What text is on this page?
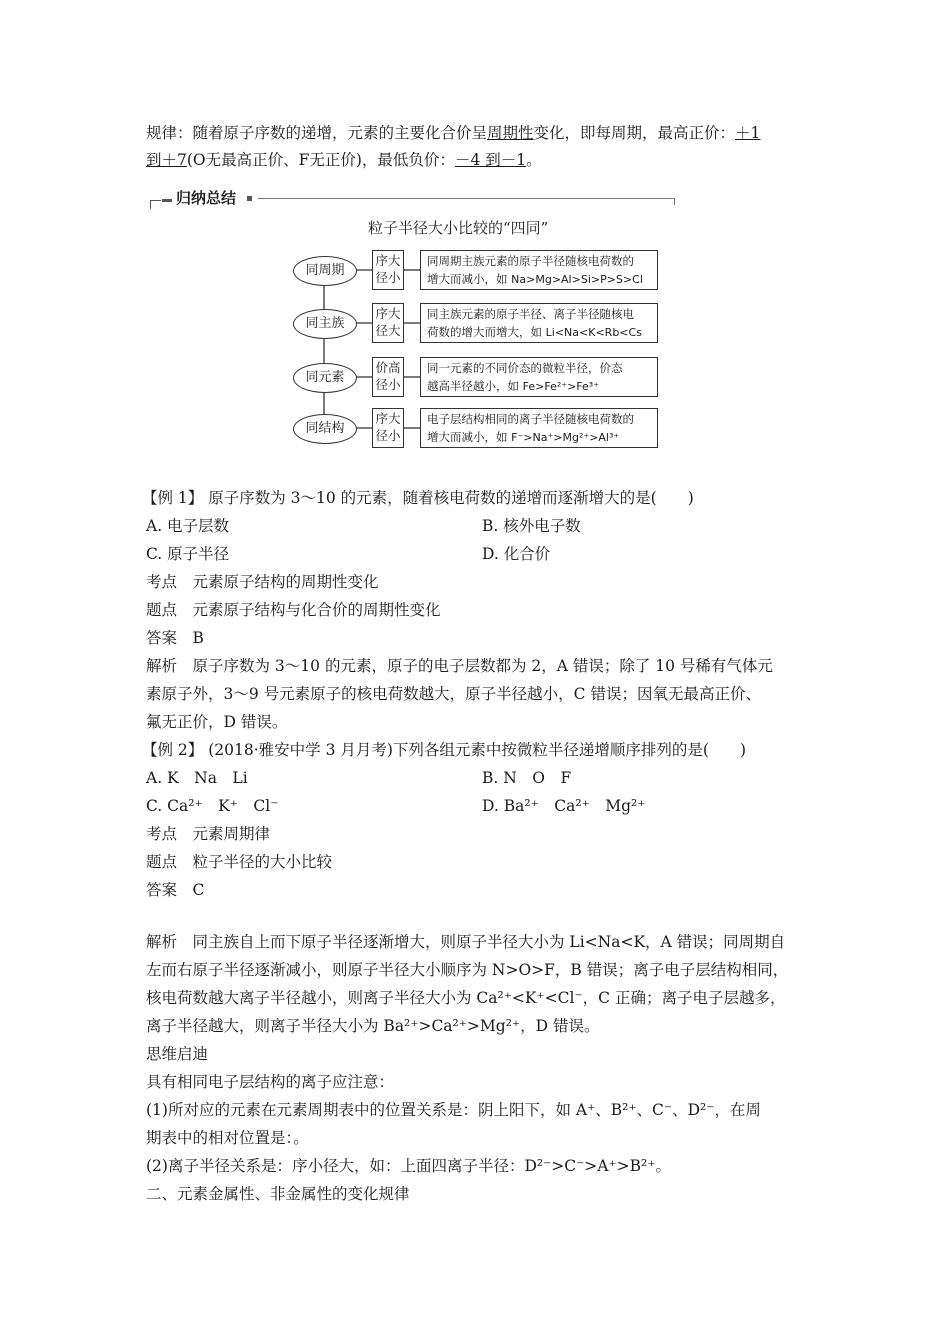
规律：随着原子序数的递增，元素的主要化合价呈周期性变化，即每周期，最高正价：＋1
到＋7(O无最高正价、F无正价)，最低负价：－4 到－1。
归纳总结
粒子半径大小比较的“四同”
同周期
序大
径小
同周期主族元素的原子半径随核电荷数的
增大而减小，如 Na>Mg>Al>Si>P>S>Cl
同主族
序大
径大
同主族元素的原子半径、离子半径随核电
荷数的增大而增大，如 Li<Na<K<Rb<Cs
同元素
价高
径小
同一元素的不同价态的微粒半径，价态
越高半径越小，如 Fe>Fe²⁺>Fe³⁺
同结构
序大
径小
电子层结构相同的离子半径随核电荷数的
增大而减小，如 F⁻>Na⁺>Mg²⁺>Al³⁺
【例 1】 原子序数为 3～10 的元素，随着核电荷数的递增而逐渐增大的是(　　)
A. 电子层数	B. 核外电子数
C. 原子半径	D. 化合价
考点　元素原子结构的周期性变化
题点　元素原子结构与化合价的周期性变化
答案　B
解析　原子序数为 3～10 的元素，原子的电子层数都为 2，A 错误；除了 10 号稀有气体元
素原子外，3～9 号元素原子的核电荷数越大，原子半径越小，C 错误；因氧无最高正价、
氟无正价，D 错误。
【例 2】 (2018·雅安中学 3 月月考)下列各组元素中按微粒半径递增顺序排列的是(　　)
A. K　Na　Li	B. N　O　F
C. Ca²⁺　K⁺　Cl⁻	D. Ba²⁺　Ca²⁺　Mg²⁺
考点　元素周期律
题点　粒子半径的大小比较
答案　C
解析　同主族自上而下原子半径逐渐增大，则原子半径大小为 Li<Na<K，A 错误；同周期自
左而右原子半径逐渐减小，则原子半径大小顺序为 N>O>F，B 错误；离子电子层结构相同，
核电荷数越大离子半径越小，则离子半径大小为 Ca²⁺<K⁺<Cl⁻，C 正确；离子电子层越多，
离子半径越大，则离子半径大小为 Ba²⁺>Ca²⁺>Mg²⁺，D 错误。
思维启迪
具有相同电子层结构的离子应注意：
(1)所对应的元素在元素周期表中的位置关系是：阴上阳下，如 A⁺、B²⁺、C⁻、D²⁻，在周
期表中的相对位置是：。
(2)离子半径关系是：序小径大，如：上面四离子半径：D²⁻>C⁻>A⁺>B²⁺。
二、元素金属性、非金属性的变化规律
